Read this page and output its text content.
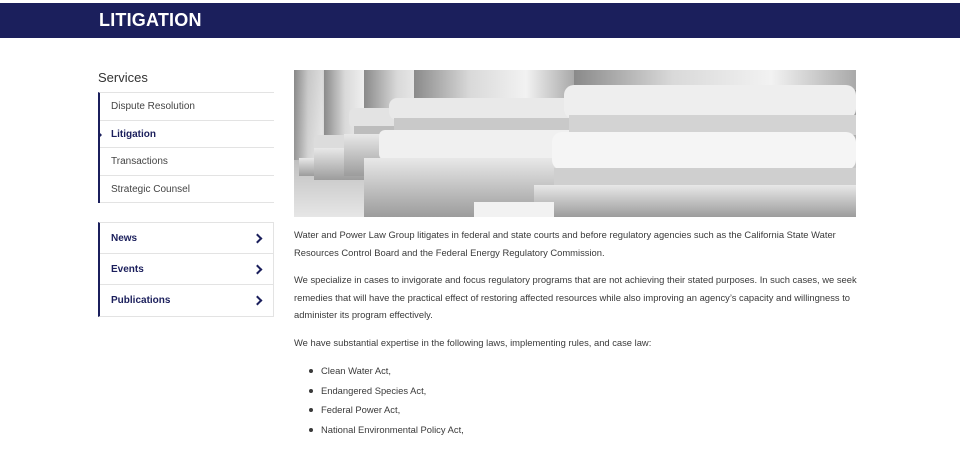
LITIGATION
Services
Dispute Resolution
Litigation
Transactions
Strategic Counsel
News
Events
Publications

Water and Power Law Group litigates in federal and state courts and before regulatory agencies such as the California State Water Resources Control Board and the Federal Energy Regulatory Commission.

We specialize in cases to invigorate and focus regulatory programs that are not achieving their stated purposes. In such cases, we seek remedies that will have the practical effect of restoring affected resources while also improving an agency’s capacity and willingness to administer its program effectively.

We have substantial expertise in the following laws, implementing rules, and case law:

Clean Water Act,
Endangered Species Act,
Federal Power Act,
National Environmental Policy Act,
